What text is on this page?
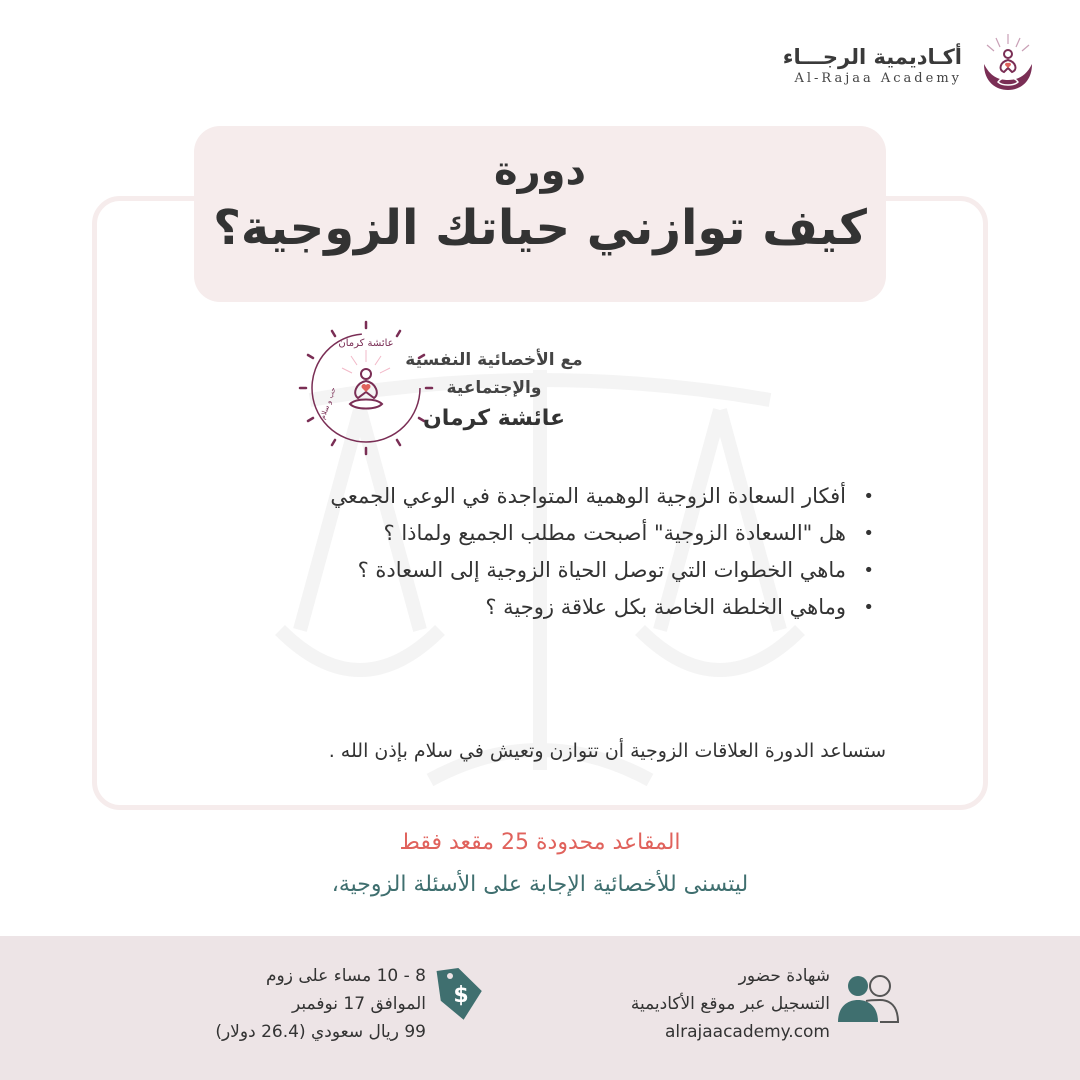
أكـاديمية الرجـــاء
Al-Rajaa Academy
دورة
كيف توازني حياتك الزوجية؟
عائشة كرمان
حب و سلام
مع الأخصائية النفسية
والإجتماعية
عائشة كرمان
• أفكار السعادة الزوجية الوهمية المتواجدة في الوعي الجمعي
• هل "السعادة الزوجية" أصبحت مطلب الجميع ولماذا ؟
• ماهي الخطوات التي توصل الحياة الزوجية إلى السعادة ؟
• وماهي الخلطة الخاصة بكل علاقة زوجية ؟
ستساعد الدورة العلاقات الزوجية أن تتوازن وتعيش في سلام بإذن الله .
المقاعد محدودة 25 مقعد فقط
ليتسنى للأخصائية الإجابة على الأسئلة الزوجية،
شهادة حضور
التسجيل عبر موقع الأكاديمية
alrajaacademy.com
8 - 10 مساء على زوم
الموافق 17 نوفمبر
99 ريال سعودي (26.4 دولار)
$
